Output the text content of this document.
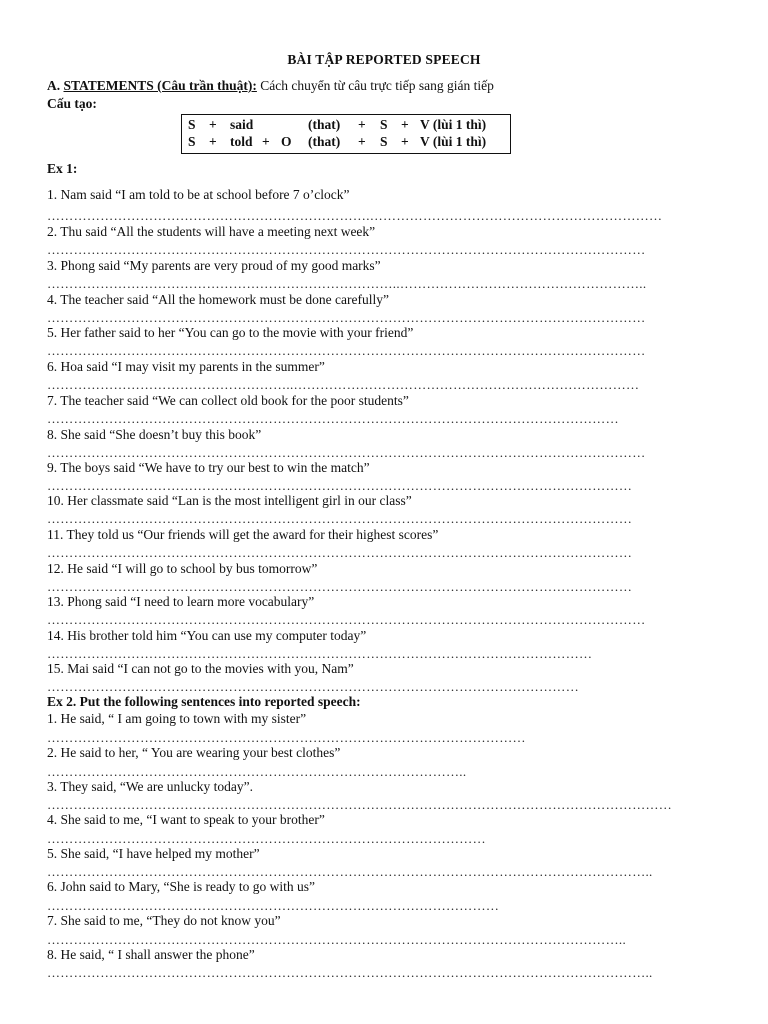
BÀI TẬP REPORTED SPEECH
A. STATEMENTS (Câu trần thuật): Cách chuyển từ câu trực tiếp sang gián tiếp
Cấu tạo:
S + said	(that) + S + V (lùi 1 thì)
S + told + O (that) + S + V (lùi 1 thì)
Ex 1:
1. Nam said “I am told to be at school before 7 o’clock”
……………………………………………………………….…………………………………………………………
2. Thu said “All the students will have a meeting next week”
………………………………………………………………………………………………………………………
3. Phong said “My parents are very proud of my good marks”
……………………………………………………………………..………………………………………………..
4. The teacher said “All the homework must be done carefully”
………………………………………………………………………………………………………………………
5. Her father said to her “You can go to the movie with your friend”
………………………………………………………………………………………………………………………
6. Hoa said “I may visit my parents in the summer”
………………………………………………..……………………………………………………………………
7. The teacher said “We can collect old book for the poor students”
…………………………………………………………………………………………………………………
8. She said “She doesn’t buy this book”
………………………………………………………………………………………………………………………
9. The boys said “We have to try our best to win the match”
……………………………………………………………………………………………………………………
10. Her classmate said “Lan is the most intelligent girl in our class”
……………………………………………………………………………………………………………………
11. They told us “Our friends will get the award for their highest scores”
……………………………………………………………………………………………………………………
12. He said “I will go to school by bus tomorrow”
……………………………………………………………………………………………………………………
13. Phong said “I need to learn more vocabulary”
………………………………………………………………………………………………………………………
14. His brother told him “You can use my computer today”
……………………………………………………………………………………………………………
15. Mai said “I can not go to the movies with you, Nam”
…………………………………………………………………………………………………………
Ex 2. Put the following sentences into reported speech:
1. He said, “ I am going to town with my sister”
………………………………………………………………………………………………
2. He said to her, “ You are wearing your best clothes”
…………………………………………………………………………………..
3. They said, “We are unlucky today”.
……………………………………………………………………………………………………………………………
4. She said to me, “I want to speak to your brother”
………………………………………………………………………………………
5. She said, “I have helped my mother”
………………………………………………………………………………………………………………………..
6. John said to Mary, “She is ready to go with us”
…………………………………………………………………………………………
7. She said to me, “They do not know you”
…………………………………………………………………………………………………………………..
8. He said, “ I shall answer the phone”
………………………………………………………………………………………………………………………..
